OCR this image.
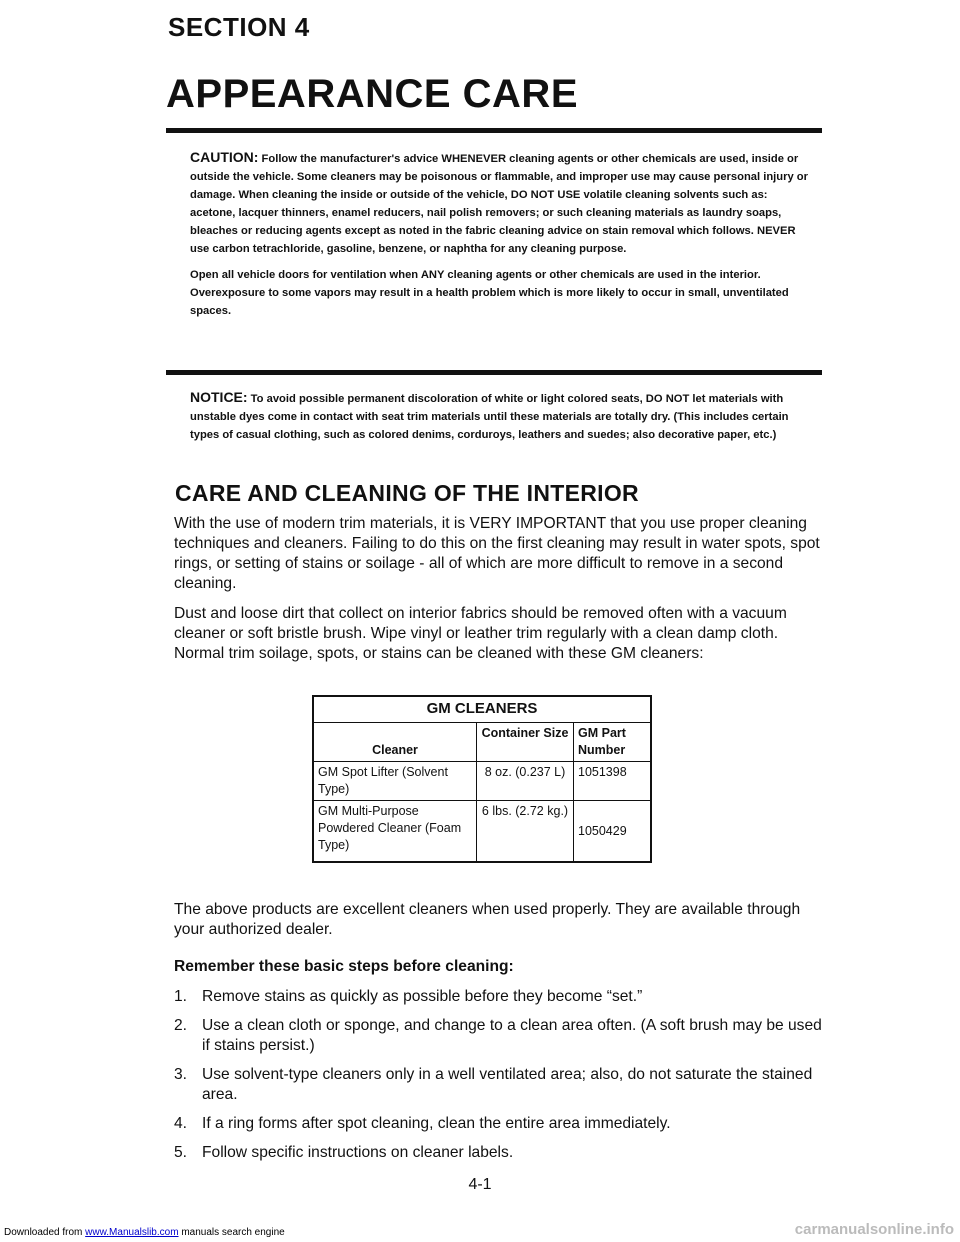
SECTION 4
APPEARANCE CARE

CAUTION: Follow the manufacturer's advice WHENEVER cleaning agents or other chemicals are used, inside or outside the vehicle. Some cleaners may be poisonous or flammable, and improper use may cause personal injury or damage. When cleaning the inside or outside of the vehicle, DO NOT USE volatile cleaning solvents such as: acetone, lacquer thinners, enamel reducers, nail polish removers; or such cleaning materials as laundry soaps, bleaches or reducing agents except as noted in the fabric cleaning advice on stain removal which follows. NEVER use carbon tetrachloride, gasoline, benzene, or naphtha for any cleaning purpose.

Open all vehicle doors for ventilation when ANY cleaning agents or other chemicals are used in the interior. Overexposure to some vapors may result in a health problem which is more likely to occur in small, unventilated spaces.

NOTICE: To avoid possible permanent discoloration of white or light colored seats, DO NOT let materials with unstable dyes come in contact with seat trim materials until these materials are totally dry. (This includes certain types of casual clothing, such as colored denims, corduroys, leathers and suedes; also decorative paper, etc.)

CARE AND CLEANING OF THE INTERIOR

With the use of modern trim materials, it is VERY IMPORTANT that you use proper cleaning techniques and cleaners. Failing to do this on the first cleaning may result in water spots, spot rings, or setting of stains or soilage - all of which are more difficult to remove in a second cleaning.

Dust and loose dirt that collect on interior fabrics should be removed often with a vacuum cleaner or soft bristle brush. Wipe vinyl or leather trim regularly with a clean damp cloth. Normal trim soilage, spots, or stains can be cleaned with these GM cleaners:

GM CLEANERS		
Cleaner	Container Size	GM Part Number
GM Spot Lifter (Solvent Type)	8 oz. (0.237 L)	1051398
GM Multi-Purpose Powdered Cleaner (Foam Type)	6 lbs. (2.72 kg.)	1050429

The above products are excellent cleaners when used properly. They are available through your authorized dealer.

Remember these basic steps before cleaning:
1. Remove stains as quickly as possible before they become “set.”
2. Use a clean cloth or sponge, and change to a clean area often. (A soft brush may be used if stains persist.)
3. Use solvent-type cleaners only in a well ventilated area; also, do not saturate the stained area.
4. If a ring forms after spot cleaning, clean the entire area immediately.
5. Follow specific instructions on cleaner labels.
4-1
Downloaded from www.Manualslib.com manuals search engine	carmanualsonline.info
